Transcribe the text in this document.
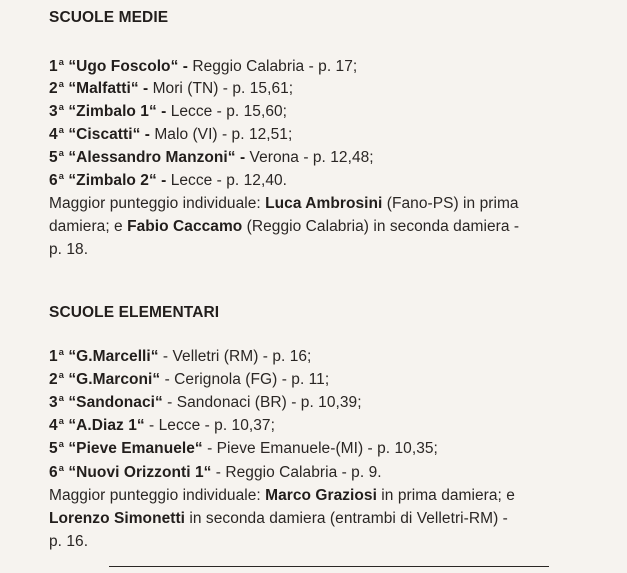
SCUOLE MEDIE
1$^a$ “Ugo Foscolo“ - Reggio Calabria - p. 17;
2$^a$ “Malfatti“ - Mori (TN) - p. 15,61;
3$^a$ “Zimbalo 1“ - Lecce - p. 15,60;
4$^a$ “Ciscatti“ - Malo (VI) - p. 12,51;
5$^a$ “Alessandro Manzoni“ - Verona - p. 12,48;
6$^a$ “Zimbalo 2“ - Lecce - p. 12,40.
Maggior punteggio individuale: Luca Ambrosini (Fano-PS) in prima
damiera; e Fabio Caccamo (Reggio Calabria) in seconda damiera -
p. 18.
SCUOLE ELEMENTARI
1$^a$ “G.Marcelli“ - Velletri (RM) - p. 16;
2$^a$ “G.Marconi“ - Cerignola (FG) - p. 11;
3$^a$ “Sandonaci“ - Sandonaci (BR) - p. 10,39;
4$^a$ “A.Diaz 1“ - Lecce - p. 10,37;
5$^a$ “Pieve Emanuele“ - Pieve Emanuele-(MI) - p. 10,35;
6$^a$ “Nuovi Orizzonti 1“ - Reggio Calabria - p. 9.
Maggior punteggio individuale: Marco Graziosi in prima damiera; e
Lorenzo Simonetti in seconda damiera (entrambi di Velletri-RM) -
p. 16.
